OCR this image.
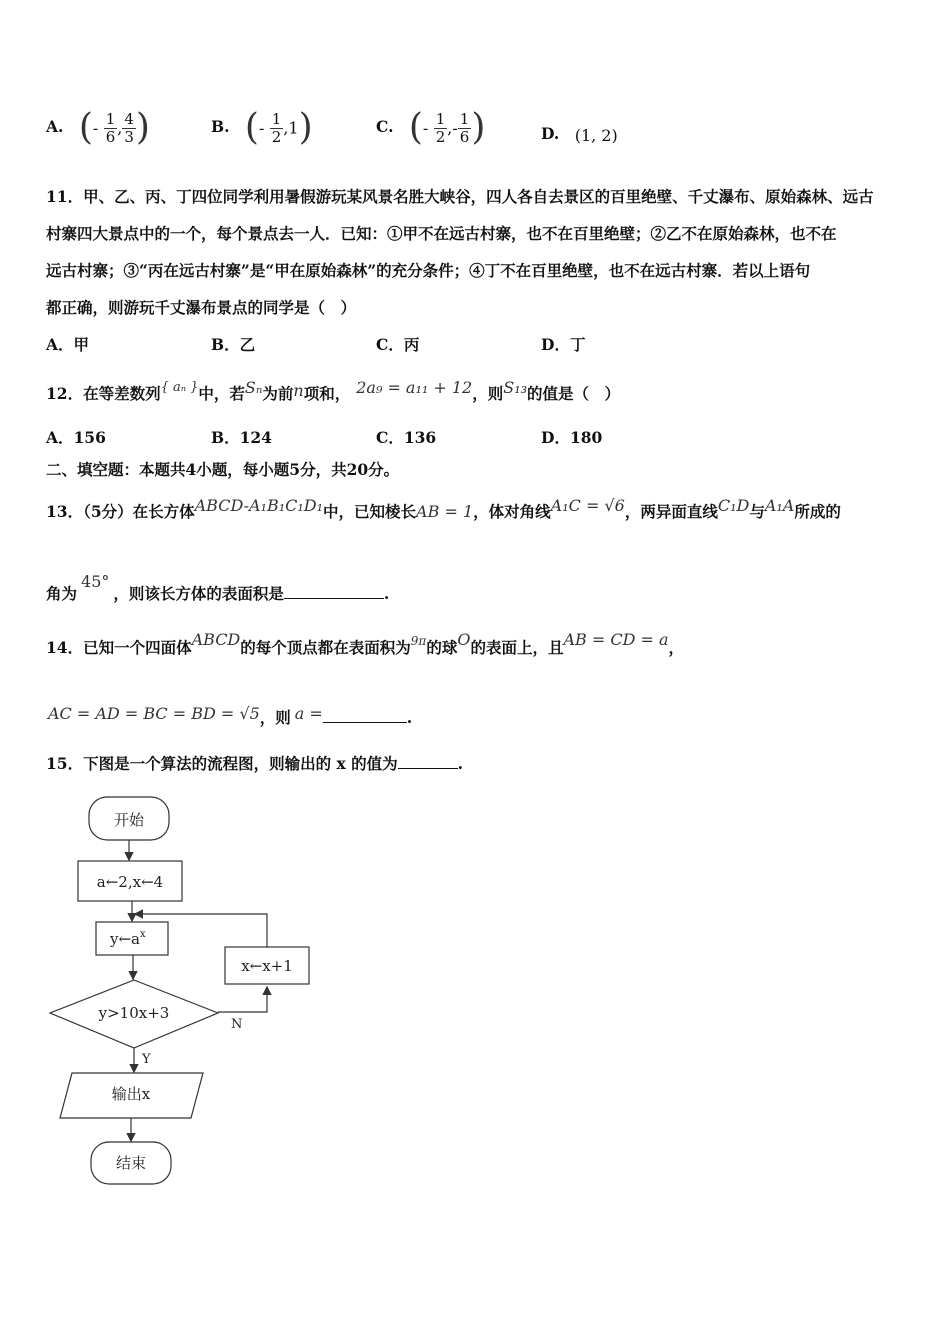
A. (- $\frac{1}{6}$ , $\frac{4}{3}$ )	B. (- $\frac{1}{2} ,1$)	C. (- $\frac{1}{2}$ ,- $\frac{1}{6}$ )	D. (1, 2)
11．甲、乙、丙、丁四位同学利用暑假游玩某风景名胜大峡谷，四人各自去景区的百里绝壁、千丈瀑布、原始森林、远古
村寨四大景点中的一个，每个景点去一人．已知：①甲不在远古村寨，也不在百里绝壁；②乙不在原始森林，也不在
远古村寨；③“丙在远古村寨”是“甲在原始森林”的充分条件；④丁不在百里绝壁，也不在远古村寨．若以上语句
都正确，则游玩千丈瀑布景点的同学是（　）
A．甲	B．乙	C．丙	D．丁
12．在等差数列$^{\{ a_n \}}$中，若Sₙ为前n项和， 2a₉ = a₁₁ + 12，则S₁₃的值是（　）
A．156	B．124	C．136	D．180
二、填空题：本题共4小题，每小题5分，共20分。
13．（5分）在长方体ABCD-A₁B₁C₁D₁中，已知棱长AB = 1，体对角线A₁C = √6，两异面直线C₁D与A₁A所成的
角为45°，则该长方体的表面积是	.
14．已知一个四面体ABCD的每个顶点都在表面积为$^{9\pi}$的球O的表面上，且AB = CD = a，
AC = AD = BC = BD = √5，则 a =	.
15．下图是一个算法的流程图，则输出的 x 的值为	.
开始
a←2,x←4
$y\leftarrow a^x$
x←x+1
y>10x+3
N
Y
输出x
结束
